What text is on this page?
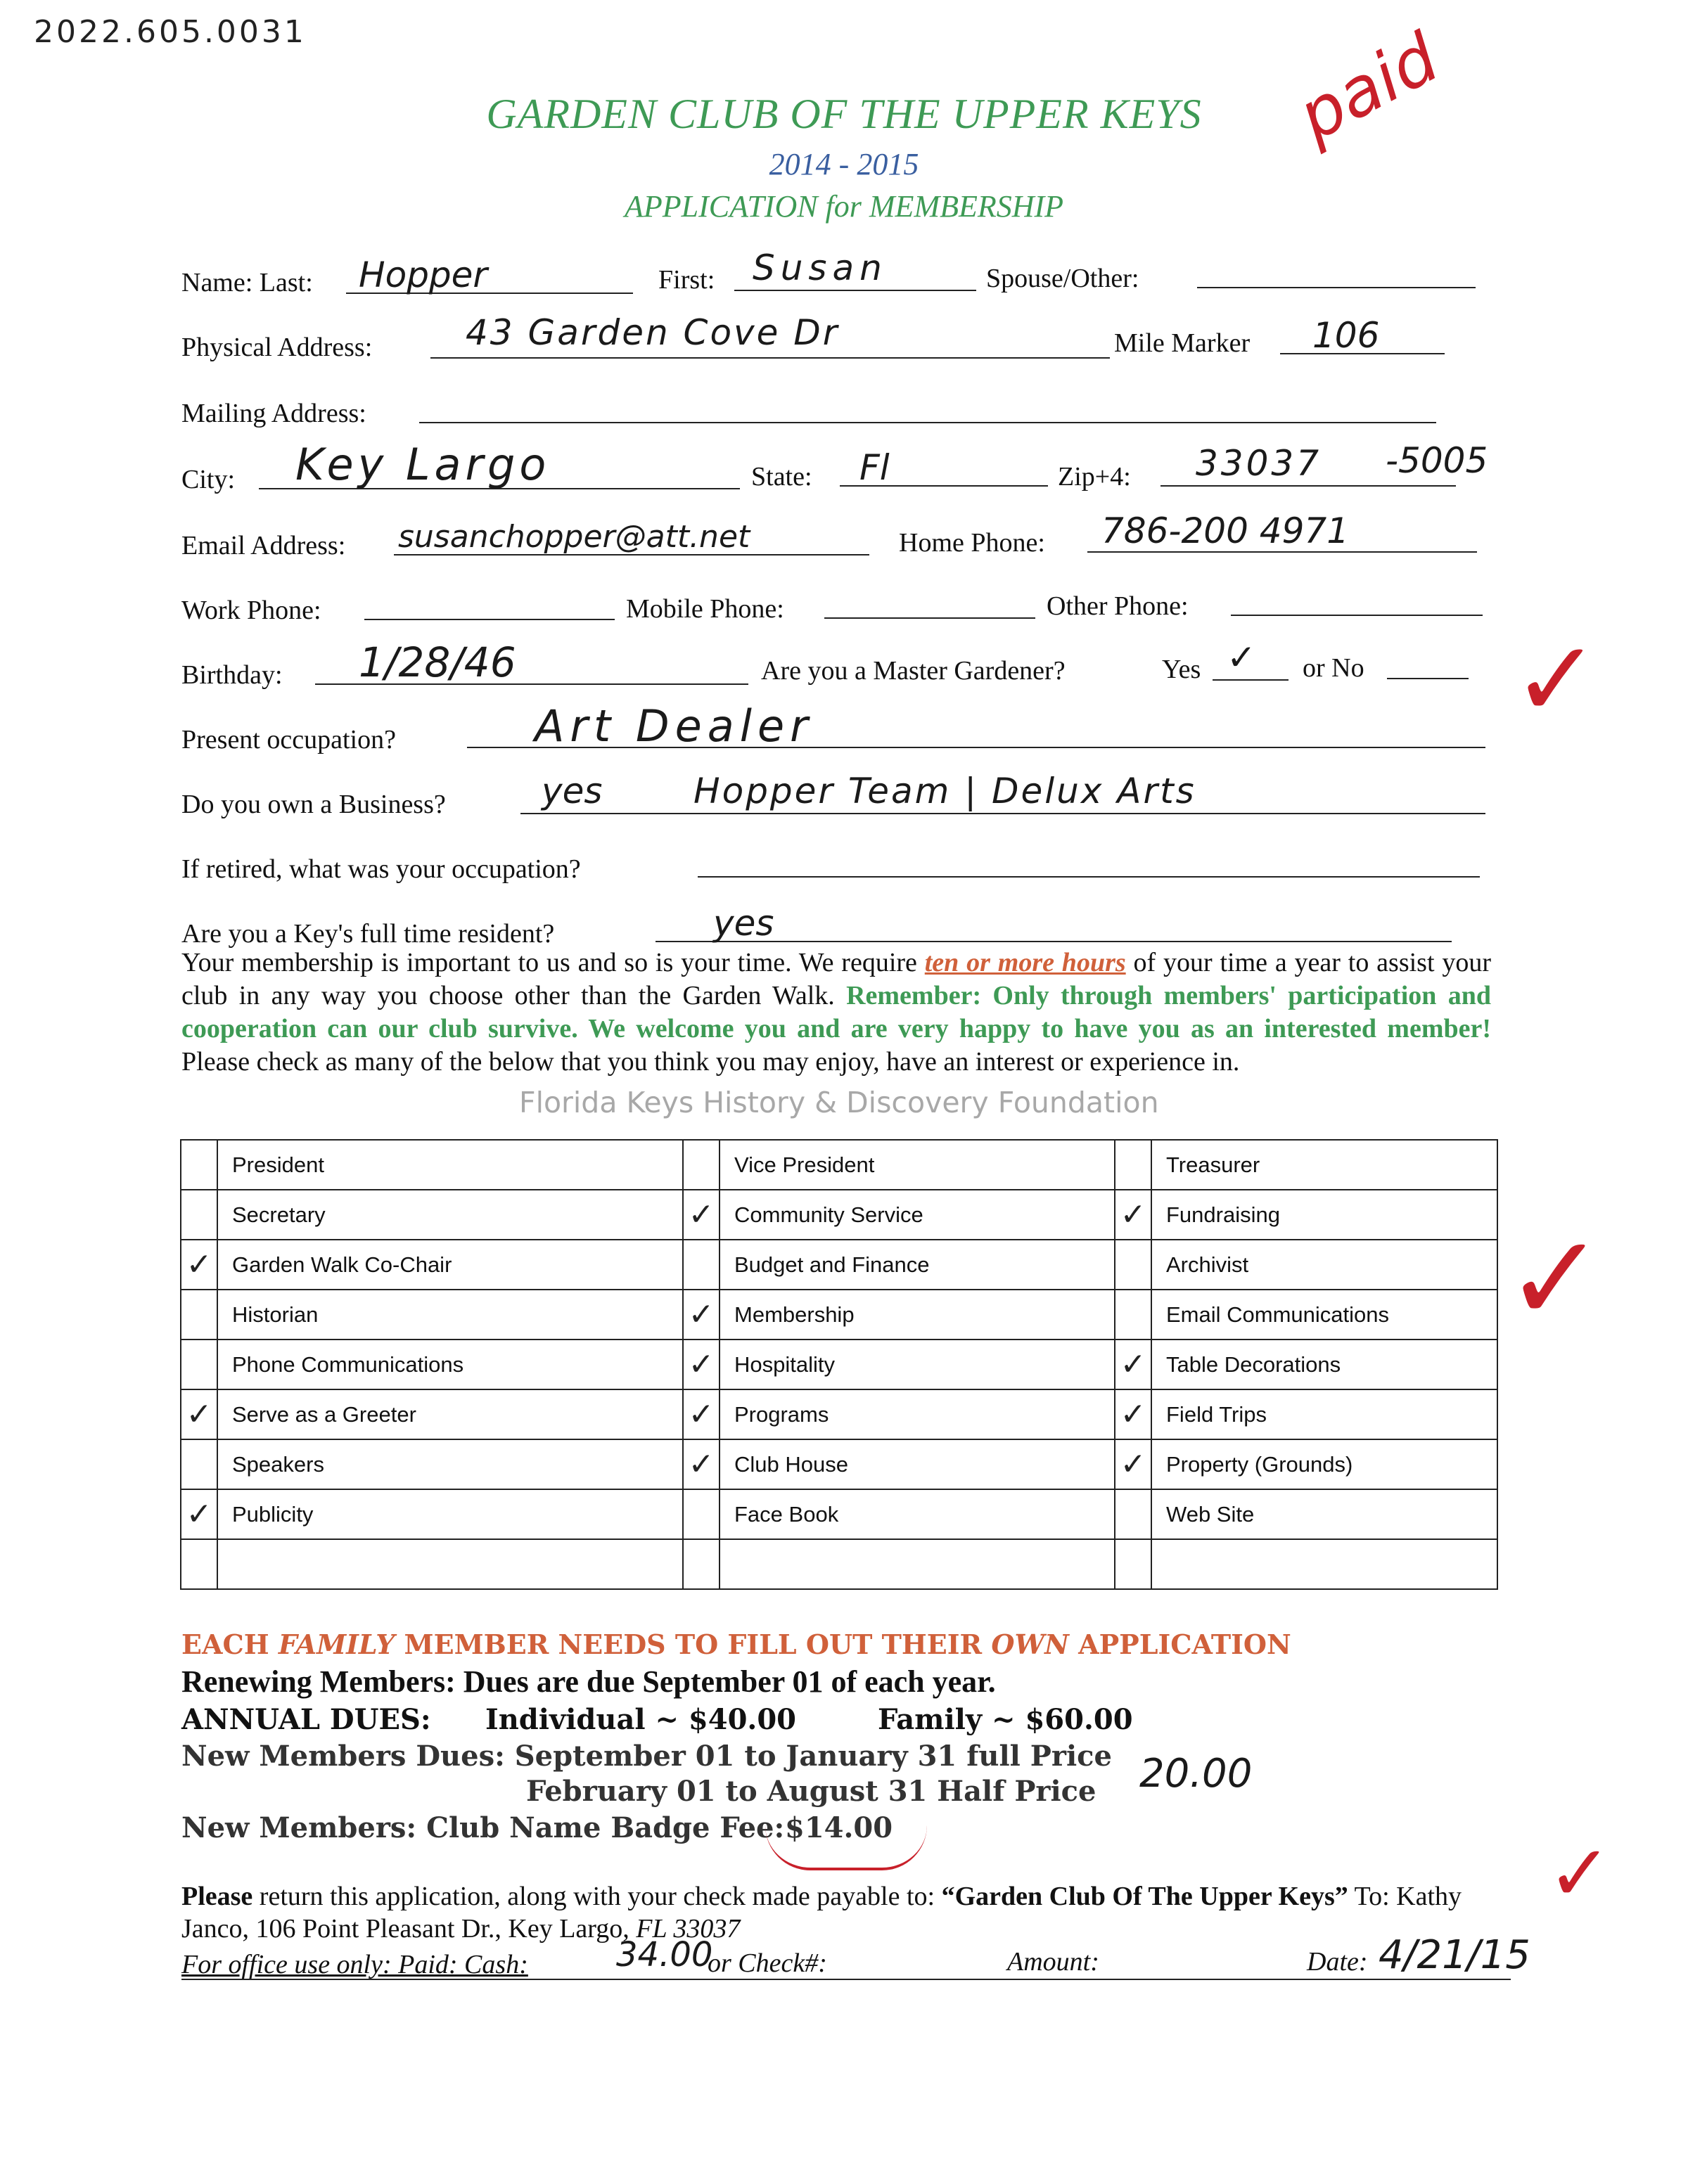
2022.605.0031	paid
GARDEN CLUB OF THE UPPER KEYS
2014 - 2015
APPLICATION for MEMBERSHIP
Name: Last: Hopper	First: Susan	Spouse/Other:
Physical Address:	43 Garden Cove Dr	Mile Marker 106
Mailing Address:
City: Key Largo	State: Fl	Zip+4: 33037 -5005
Email Address: susanchopper@att.net	Home Phone: 786-200 4971
Work Phone:	Mobile Phone:	Other Phone:
Birthday: 1/28/46	Are you a Master Gardener?	Yes ✓ or No
Present occupation?	Art Dealer
Do you own a Business?	yes	Hopper Team | Delux Arts
If retired, what was your occupation?
Are you a Key's full time resident?	yes
Your membership is important to us and so is your time. We require ten or more hours of your time a year to assist your club in any way you choose other than the Garden Walk. Remember: Only through members' participation and cooperation can our club survive. We welcome you and are very happy to have you as an interested member! Please check as many of the below that you think you may enjoy, have an interest or experience in.
Florida Keys History & Discovery Foundation
	President		Vice President		Treasurer
	Secretary	✓	Community Service	✓	Fundraising
✓	Garden Walk Co-Chair		Budget and Finance		Archivist
	Historian	✓	Membership		Email Communications
	Phone Communications	✓	Hospitality	✓	Table Decorations
✓	Serve as a Greeter	✓	Programs	✓	Field Trips
	Speakers	✓	Club House	✓	Property (Grounds)
✓	Publicity		Face Book		Web Site

✓
✓
✓
EACH FAMILY MEMBER NEEDS TO FILL OUT THEIR OWN APPLICATION
Renewing Members: Dues are due September 01 of each year.
ANNUAL DUES: Individual ~ $40.00	Family ~ $60.00
New Members Dues: September 01 to January 31 full Price
February 01 to August 31 Half Price 20.00
New Members: Club Name Badge Fee: $14.00
Please return this application, along with your check made payable to: “Garden Club Of The Upper Keys” To: Kathy Janco, 106 Point Pleasant Dr., Key Largo, FL 33037
For office use only: Paid: Cash:	34.00
or Check#:	Amount:	Date: 4/21/15
